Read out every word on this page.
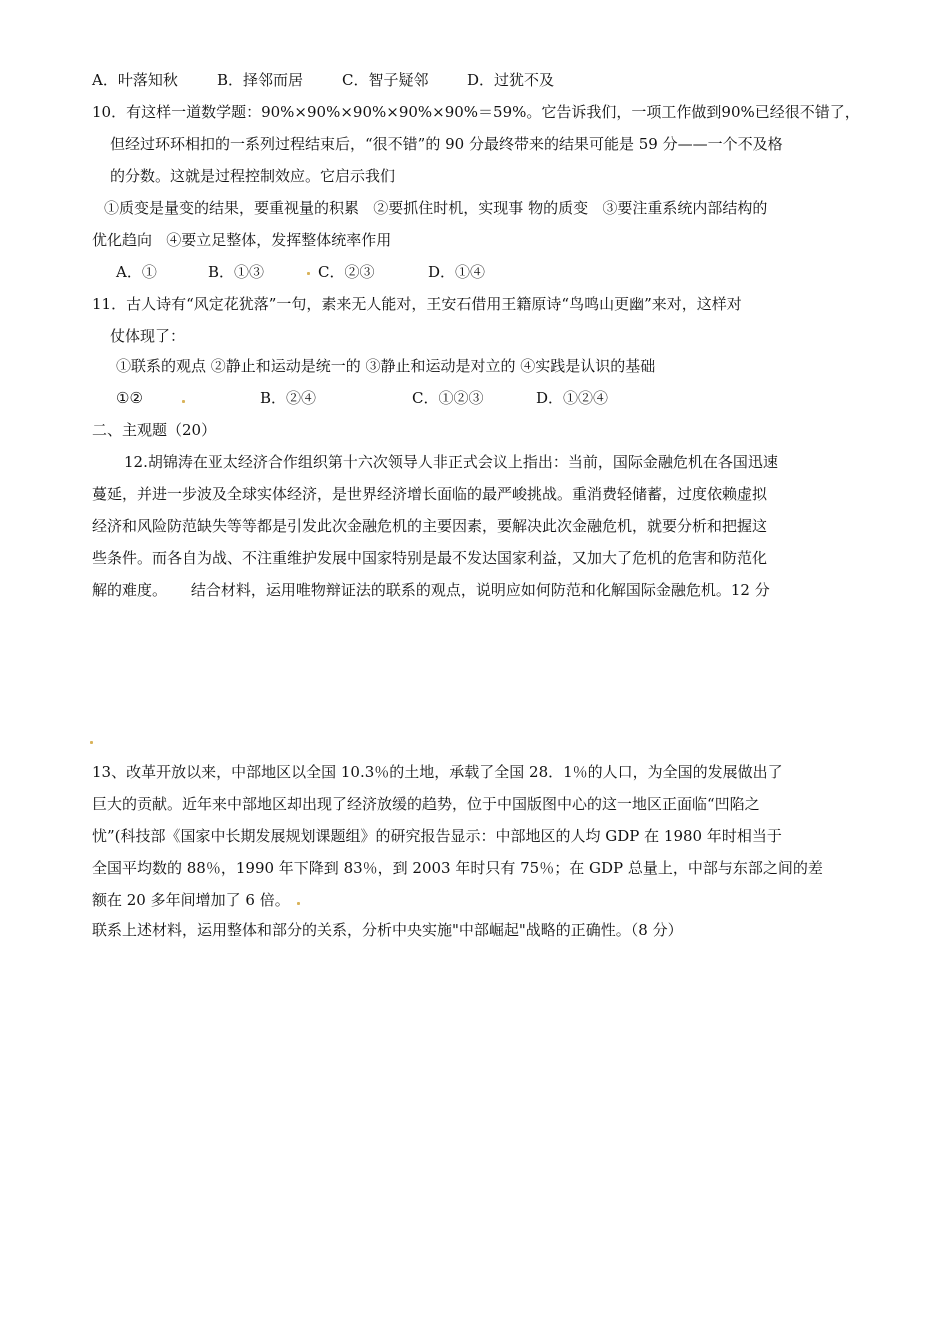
A．叶落知秋	B．择邻而居	C．智子疑邻	D．过犹不及
10．有这样一道数学题：90%×90%×90%×90%×90%＝59%。它告诉我们，一项工作做到90%已经很不错了，
但经过环环相扣的一系列过程结束后，“很不错”的 90 分最终带来的结果可能是 59 分——一个不及格
的分数。这就是过程控制效应。它启示我们
①质变是量变的结果，要重视量的积累   ②要抓住时机，实现事 物的质变   ③要注重系统内部结构的
优化趋向   ④要立足整体，发挥整体统率作用
A．①	B．①③	C．②③	D．①④
11．古人诗有“风定花犹落”一句，素来无人能对，王安石借用王籍原诗“鸟鸣山更幽”来对，这样对
仗体现了：
①联系的观点 ②静止和运动是统一的 ③静止和运动是对立的 ④实践是认识的基础
①②	B．②④	C．①②③	D．①②④
二、主观题（20）
12.胡锦涛在亚太经济合作组织第十六次领导人非正式会议上指出：当前，国际金融危机在各国迅速
蔓延，并进一步波及全球实体经济，是世界经济增长面临的最严峻挑战。重消费轻储蓄，过度依赖虚拟
经济和风险防范缺失等等都是引发此次金融危机的主要因素，要解决此次金融危机，就要分析和把握这
些条件。而各自为战、不注重维护发展中国家特别是最不发达国家利益，又加大了危机的危害和防范化
解的难度。     结合材料，运用唯物辩证法的联系的观点，说明应如何防范和化解国际金融危机。12 分
13、改革开放以来，中部地区以全国 10.3％的土地，承载了全国 28．1％的人口，为全国的发展做出了
巨大的贡献。近年来中部地区却出现了经济放缓的趋势，位于中国版图中心的这一地区正面临“凹陷之
忧”(科技部《国家中长期发展规划课题组》的研究报告显示：中部地区的人均 GDP 在 1980 年时相当于
全国平均数的 88％，1990 年下降到 83％，到 2003 年时只有 75％；在 GDP 总量上，中部与东部之间的差
额在 20 多年间增加了 6 倍。
联系上述材料，运用整体和部分的关系，分析中央实施"中部崛起"战略的正确性。（8 分）
